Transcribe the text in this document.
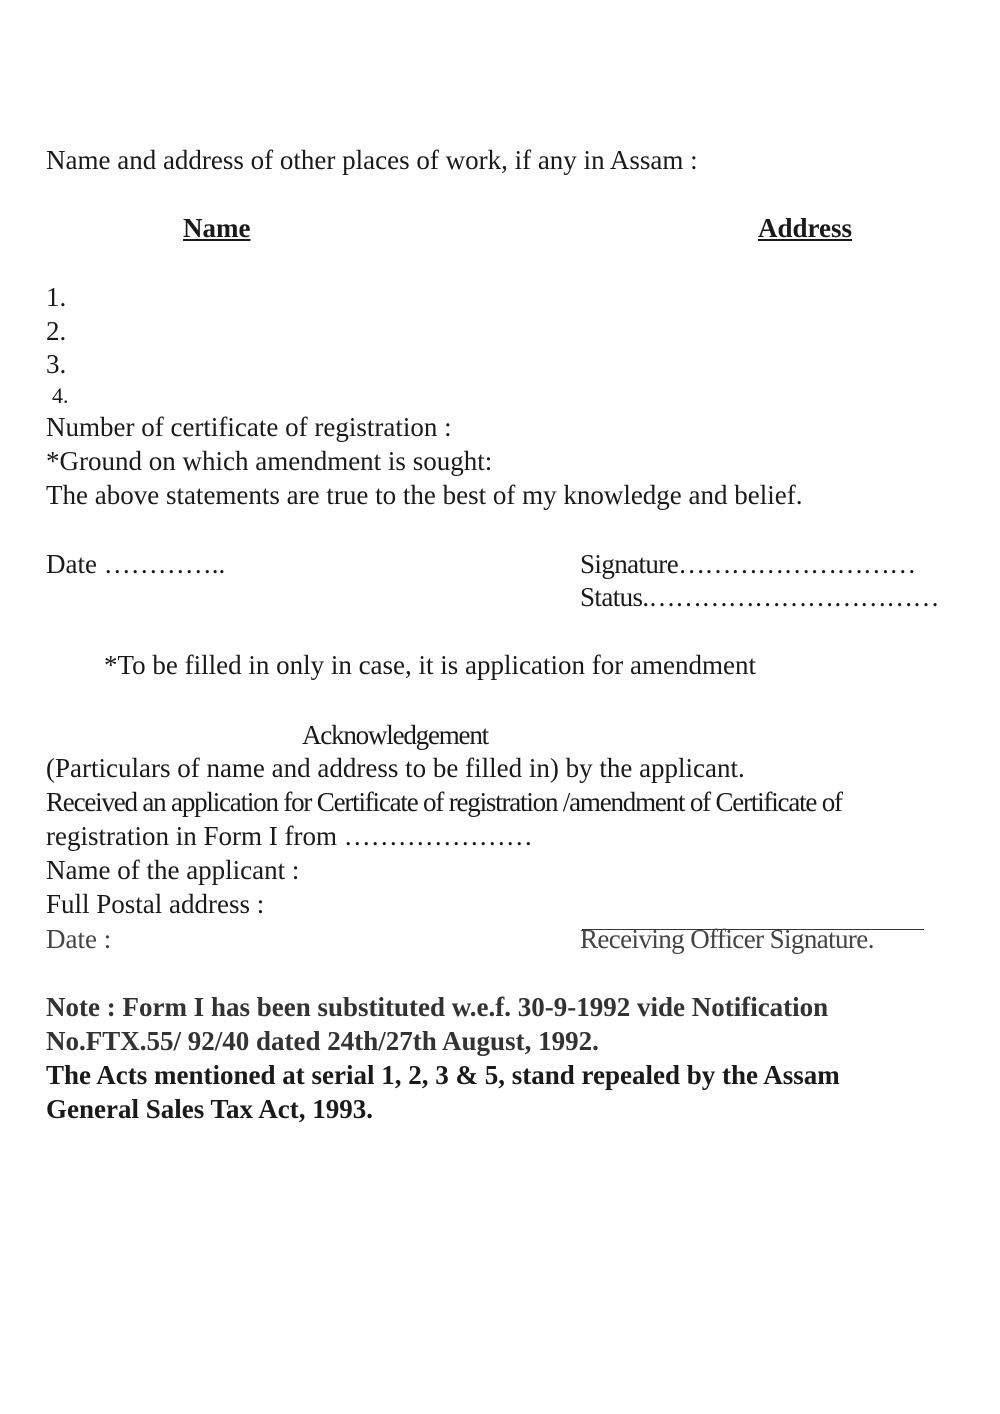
Name and address of other places of work, if any in Assam :
Name	Address
1.
2.
3.
4.
Number of certificate of registration :
*Ground on which amendment is sought:
The above statements are true to the best of my knowledge and belief.
Date …………..	Signature………………………
Status.……………………………
*To be filled in only in case, it is application for amendment
Acknowledgement
(Particulars of name and address to be filled in) by the applicant.
Received an application for Certificate of registration /amendment of Certificate of
registration in Form I from …………………
Name of the applicant :
Full Postal address :
Date :	Receiving Officer Signature.
Note : Form I has been substituted w.e.f. 30-9-1992 vide Notification
No.FTX.55/ 92/40 dated 24th/27th August, 1992.
The Acts mentioned at serial 1, 2, 3 & 5, stand repealed by the Assam
General Sales Tax Act, 1993.
